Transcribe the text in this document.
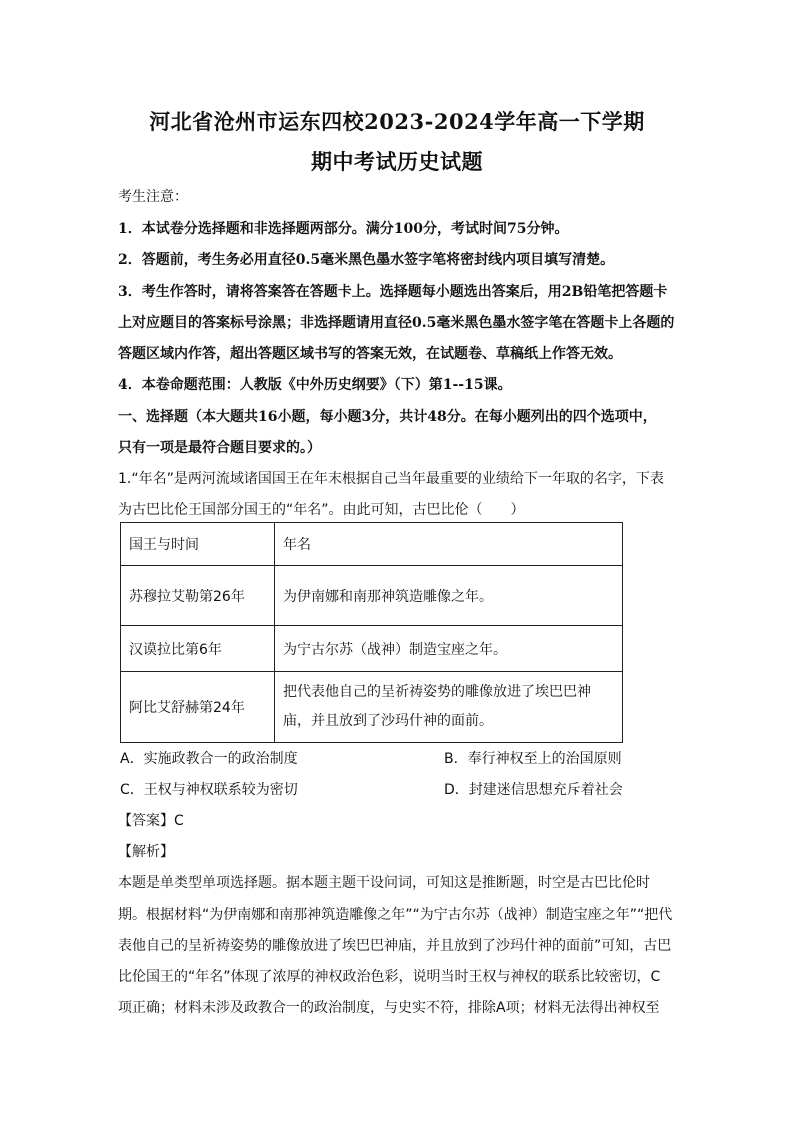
河北省沧州市运东四校2023-2024学年高一下学期
期中考试历史试题
考生注意：
1．本试卷分选择题和非选择题两部分。满分100分，考试时间75分钟。
2．答题前，考生务必用直径0.5毫米黑色墨水签字笔将密封线内项目填写清楚。
3．考生作答时，请将答案答在答题卡上。选择题每小题选出答案后，用2B铅笔把答题卡
上对应题目的答案标号涂黑；非选择题请用直径0.5毫米黑色墨水签字笔在答题卡上各题的
答题区域内作答，超出答题区域书写的答案无效，在试题卷、草稿纸上作答无效。
4．本卷命题范围：人教版《中外历史纲要》（下）第1--15课。
一、选择题（本大题共16小题，每小题3分，共计48分。在每小题列出的四个选项中，
只有一项是最符合题目要求的。）
1.“年名”是两河流域诸国国王在年末根据自己当年最重要的业绩给下一年取的名字，下表
为古巴比伦王国部分国王的“年名”。由此可知，古巴比伦（　　）
国王与时间	年名
苏穆拉艾勒第26年	为伊南娜和南那神筑造雕像之年。
汉谟拉比第6年	为宁古尔苏（战神）制造宝座之年。
阿比艾舒赫第24年	把代表他自己的呈祈祷姿势的雕像放进了埃巴巴神
庙，并且放到了沙玛什神的面前。
A．实施政教合一的政治制度	B．奉行神权至上的治国原则
C．王权与神权联系较为密切	D．封建迷信思想充斥着社会
【答案】C
【解析】
本题是单类型单项选择题。据本题主题干设问词，可知这是推断题，时空是古巴比伦时
期。根据材料“为伊南娜和南那神筑造雕像之年”“为宁古尔苏（战神）制造宝座之年”“把代
表他自己的呈祈祷姿势的雕像放进了埃巴巴神庙，并且放到了沙玛什神的面前”可知，古巴
比伦国王的“年名”体现了浓厚的神权政治色彩，说明当时王权与神权的联系比较密切，C
项正确；材料未涉及政教合一的政治制度，与史实不符，排除A项；材料无法得出神权至
